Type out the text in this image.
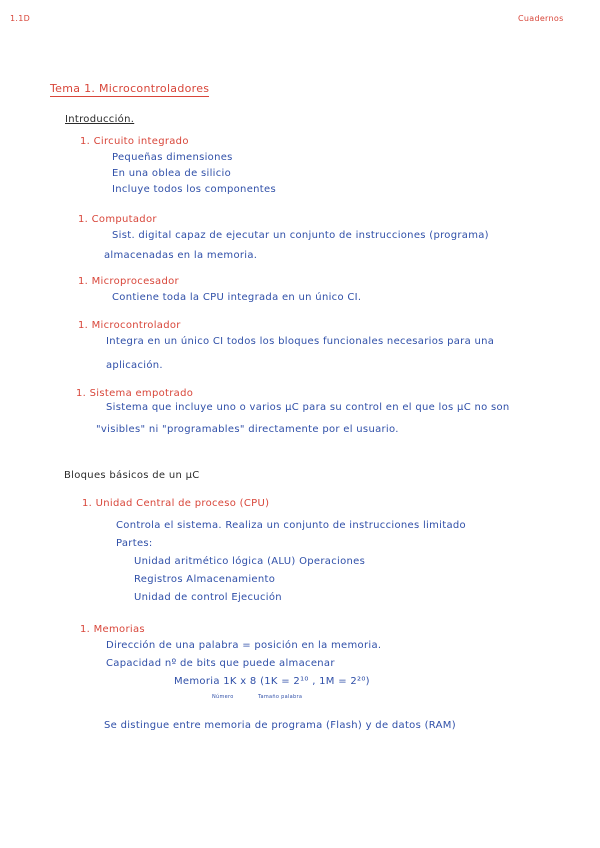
1.1D	Cuadernos
Tema 1. Microcontroladores
Introducción.
1. Circuito integrado
Pequeñas dimensiones
En una oblea de silicio
Incluye todos los componentes
1. Computador
Sist. digital capaz de ejecutar un conjunto de instrucciones (programa)
almacenadas en la memoria.
1. Microprocesador
Contiene toda la CPU integrada en un único CI.
1. Microcontrolador
Integra en un único CI todos los bloques funcionales necesarios para una
aplicación.
1. Sistema empotrado
Sistema que incluye uno o varios μC para su control en el que los μC no son
"visibles" ni "programables" directamente por el usuario.
Bloques básicos de un μC
1. Unidad Central de proceso (CPU)
Controla el sistema. Realiza un conjunto de instrucciones limitado
Partes:
Unidad aritmético lógica (ALU) Operaciones
Registros Almacenamiento
Unidad de control Ejecución
1. Memorias
Dirección de una palabra = posición en la memoria.
Capacidad nº de bits que puede almacenar
Memoria 1K x 8 (1K = 2¹⁰ , 1M = 2²⁰)
Número	Tamaño palabra
Se distingue entre memoria de programa (Flash) y de datos (RAM)
